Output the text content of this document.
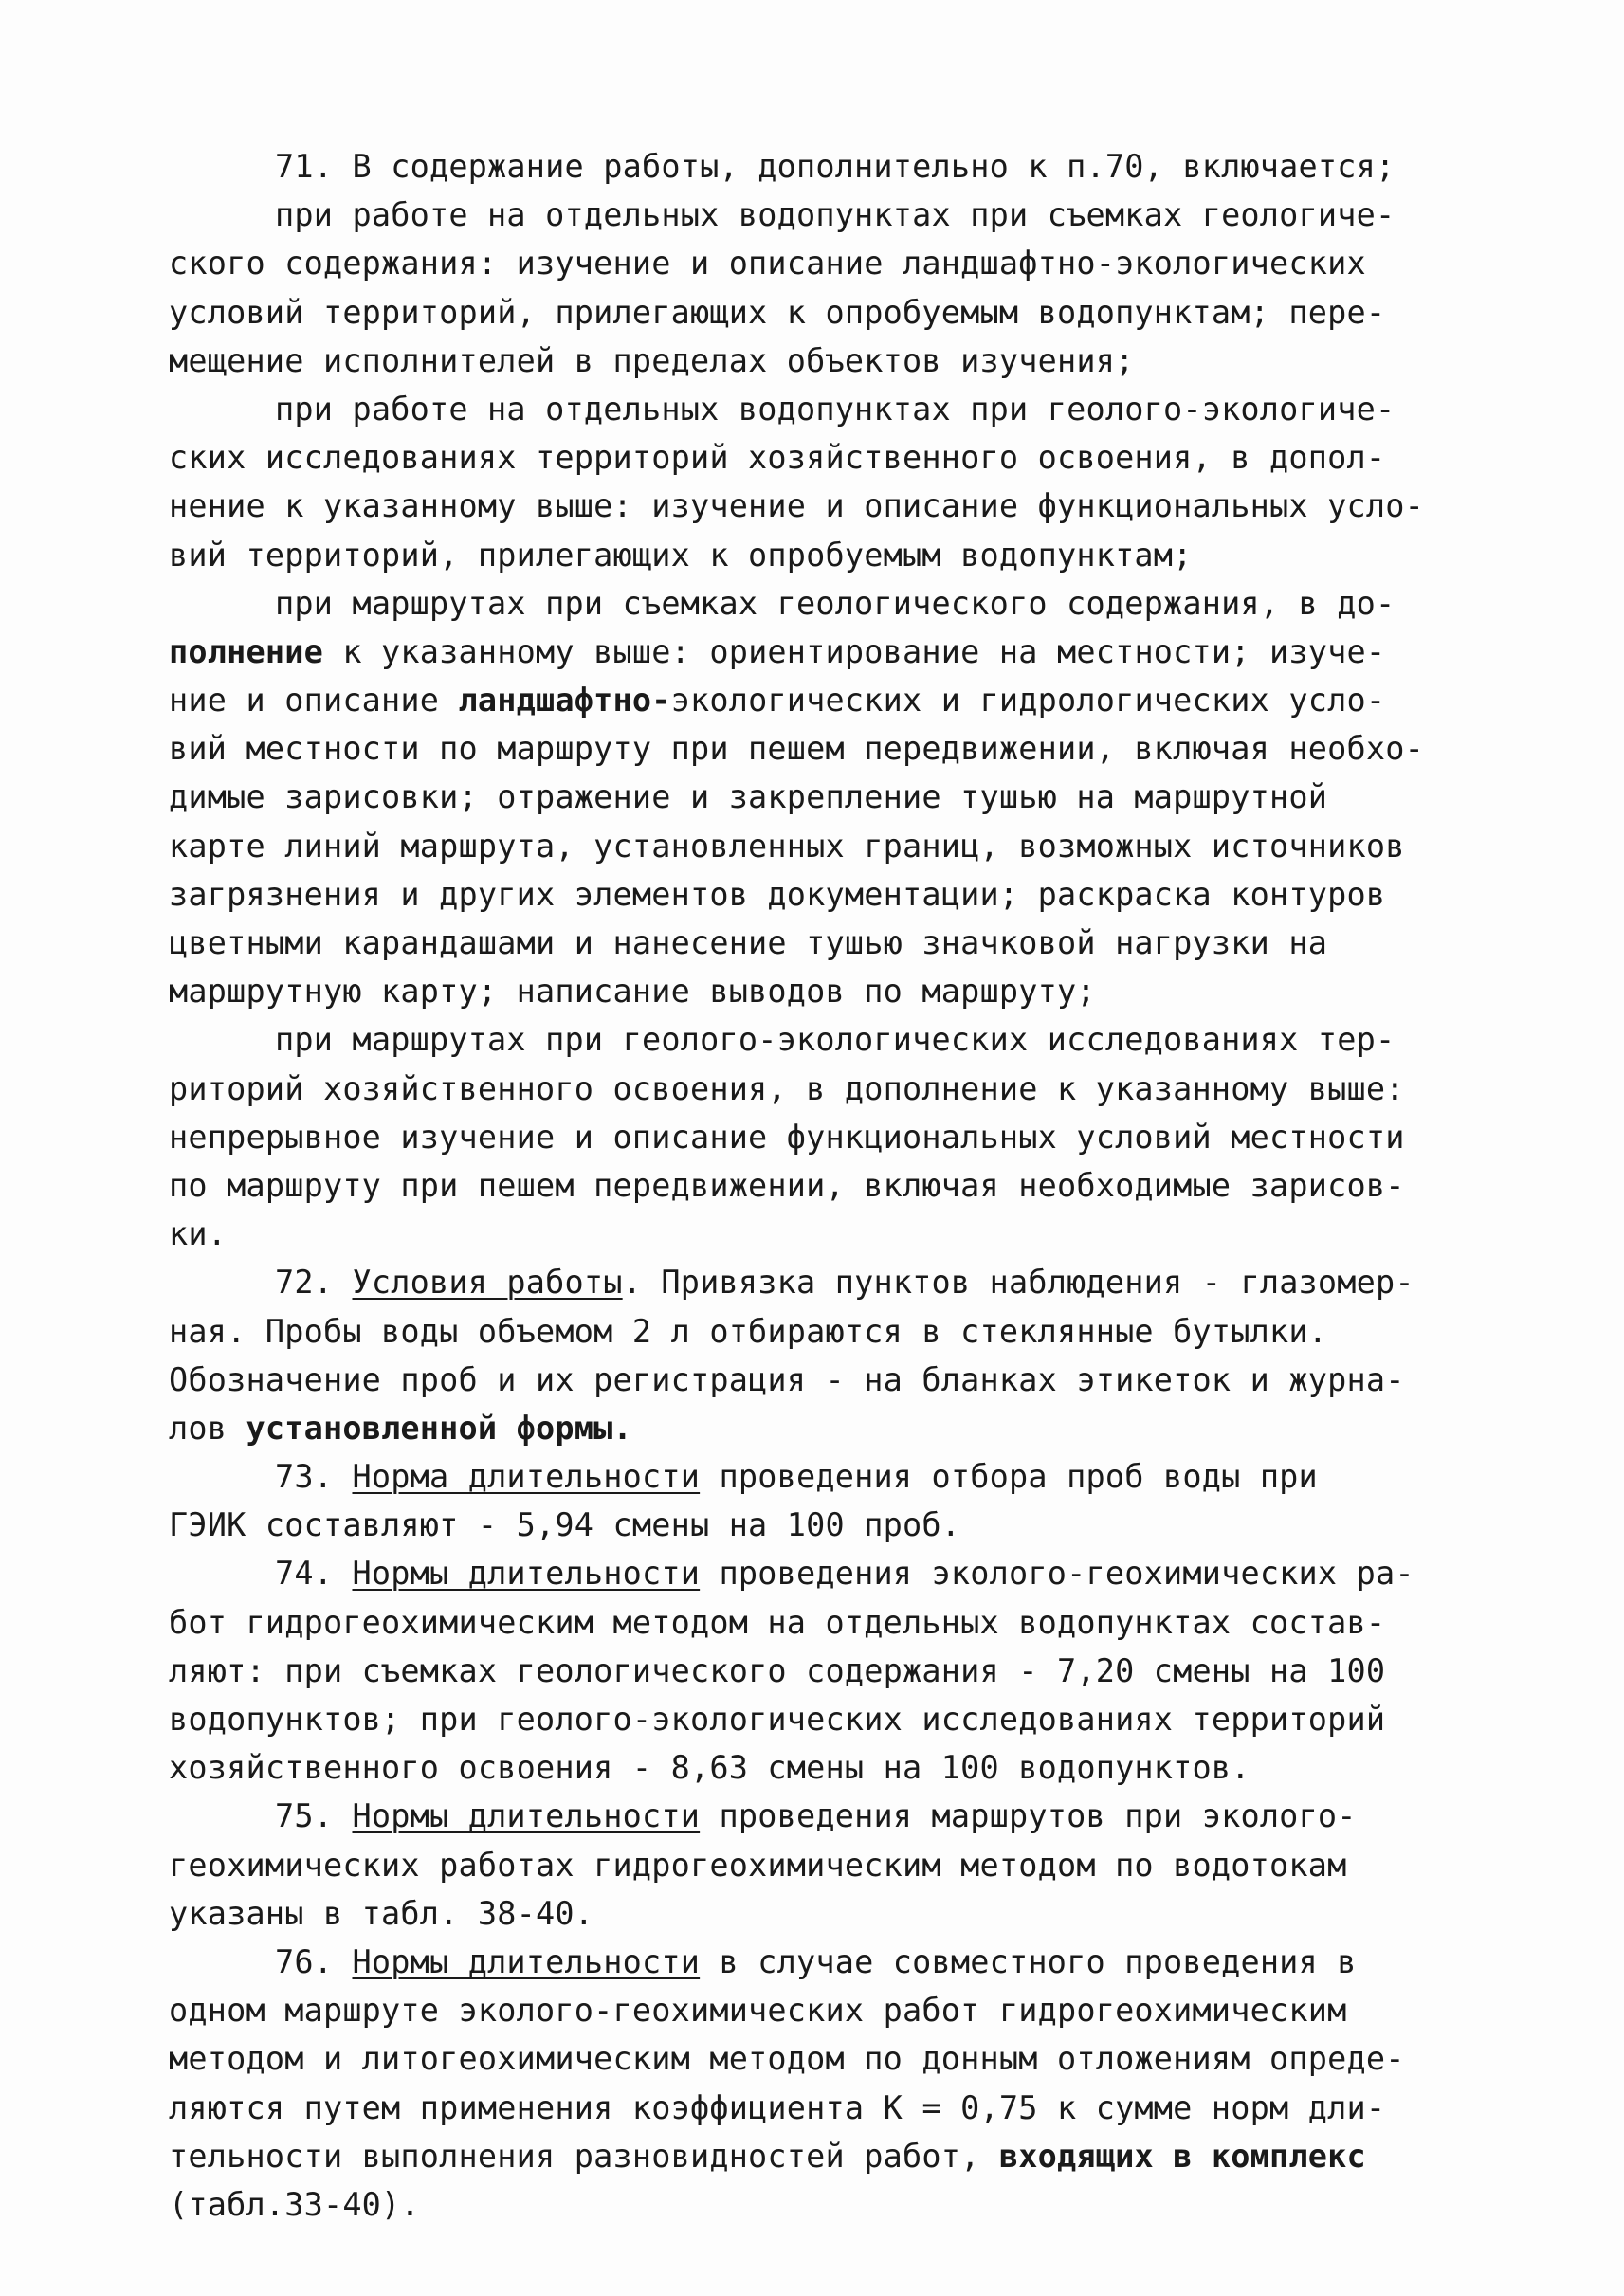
71. В содержание работы, дополнительно к п.70, включается;
при работе на отдельных водопунктах при съемках геологиче-
ского содержания: изучение и описание ландшафтно-экологических
условий территорий, прилегающих к опробуемым водопунктам; пере-
мещение исполнителей в пределах объектов изучения;
при работе на отдельных водопунктах при геолого-экологиче-
ских исследованиях территорий хозяйственного освоения, в допол-
нение к указанному выше: изучение и описание функциональных усло-
вий территорий, прилегающих к опробуемым водопунктам;
при маршрутах при съемках геологического содержания, в до-
полнение к указанному выше: ориентирование на местности; изуче-
ние и описание ландшафтно-экологических и гидрологических усло-
вий местности по маршруту при пешем передвижении, включая необхо-
димые зарисовки; отражение и закрепление тушью на маршрутной
карте линий маршрута, установленных границ, возможных источников
загрязнения и других элементов документации; раскраска контуров
цветными карандашами и нанесение тушью значковой нагрузки на
маршрутную карту; написание выводов по маршруту;
при маршрутах при геолого-экологических исследованиях тер-
риторий хозяйственного освоения, в дополнение к указанному выше:
непрерывное изучение и описание функциональных условий местности
по маршруту при пешем передвижении, включая необходимые зарисов-
ки.
72. Условия работы. Привязка пунктов наблюдения - глазомер-
ная. Пробы воды объемом 2 л отбираются в стеклянные бутылки.
Обозначение проб и их регистрация - на бланках этикеток и журна-
лов установленной формы.
73. Норма длительности проведения отбора проб воды при
ГЭИК составляют - 5,94 смены на 100 проб.
74. Нормы длительности проведения эколого-геохимических ра-
бот гидрогеохимическим методом на отдельных водопунктах состав-
ляют: при съемках геологического содержания - 7,20 смены на 100
водопунктов; при геолого-экологических исследованиях территорий
хозяйственного освоения - 8,63 смены на 100 водопунктов.
75. Нормы длительности проведения маршрутов при эколого-
геохимических работах гидрогеохимическим методом по водотокам
указаны в табл. 38-40.
76. Нормы длительности в случае совместного проведения в
одном маршруте эколого-геохимических работ гидрогеохимическим
методом и литогеохимическим методом по донным отложениям опреде-
ляются путем применения коэффициента К = 0,75 к сумме норм дли-
тельности выполнения разновидностей работ, входящих в комплекс
(табл.33-40).
